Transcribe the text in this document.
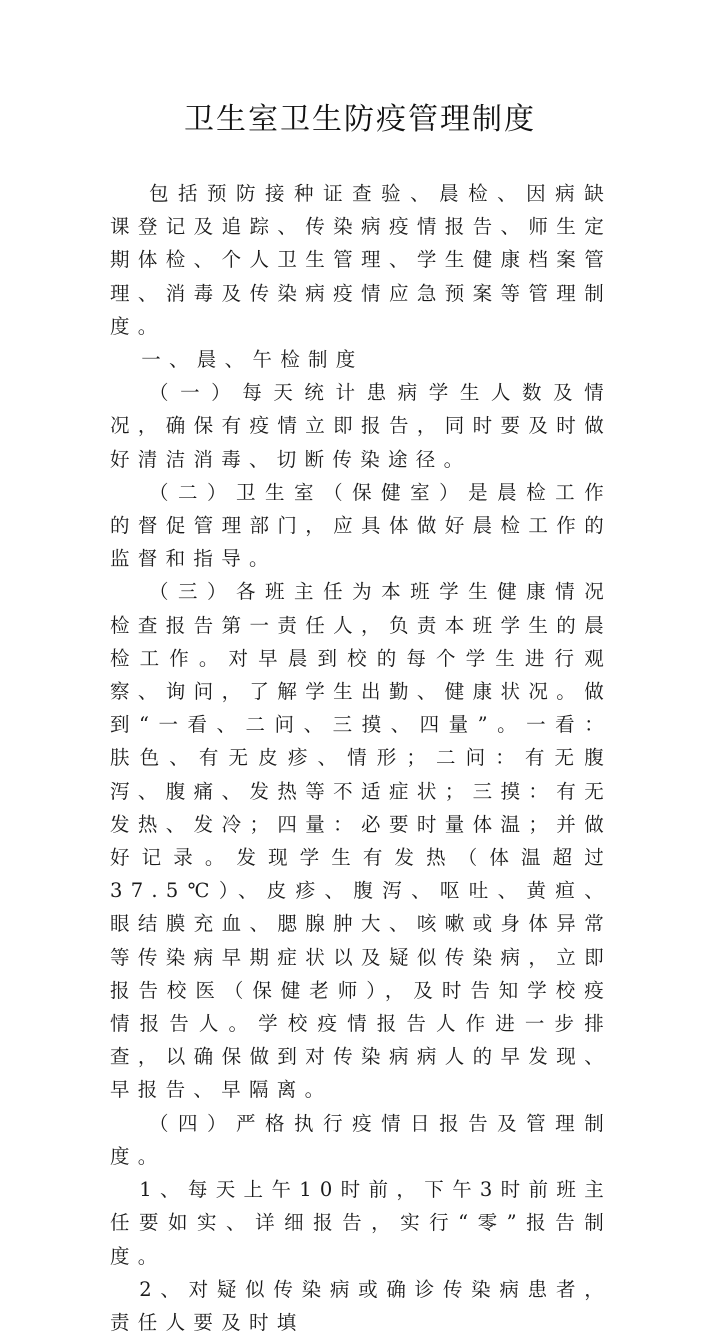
卫生室卫生防疫管理制度

包括预防接种证查验、晨检、因病缺课登记及追踪、传染病疫情报告、师生定期体检、个人卫生管理、学生健康档案管理、消毒及传染病疫情应急预案等管理制度。

一、晨、午检制度

（一）每天统计患病学生人数及情况，确保有疫情立即报告，同时要及时做好清洁消毒、切断传染途径。

（二）卫生室（保健室）是晨检工作的督促管理部门，应具体做好晨检工作的监督和指导。

（三）各班主任为本班学生健康情况检查报告第一责任人，负责本班学生的晨检工作。对早晨到校的每个学生进行观察、询问，了解学生出勤、健康状况。做到“一看、二问、三摸、四量”。一看：肤色、有无皮疹、情形；二问：有无腹泻、腹痛、发热等不适症状；三摸：有无发热、发冷；四量：必要时量体温；并做好记录。发现学生有发热（体温超过37.5℃）、皮疹、腹泻、呕吐、黄疸、眼结膜充血、腮腺肿大、咳嗽或身体异常等传染病早期症状以及疑似传染病，立即报告校医（保健老师），及时告知学校疫情报告人。学校疫情报告人作进一步排查，以确保做到对传染病病人的早发现、早报告、早隔离。

（四）严格执行疫情日报告及管理制度。

1、每天上午10时前，下午3时前班主任要如实、详细报告，实行“零”报告制度。

2、对疑似传染病或确诊传染病患者，责任人要及时填
